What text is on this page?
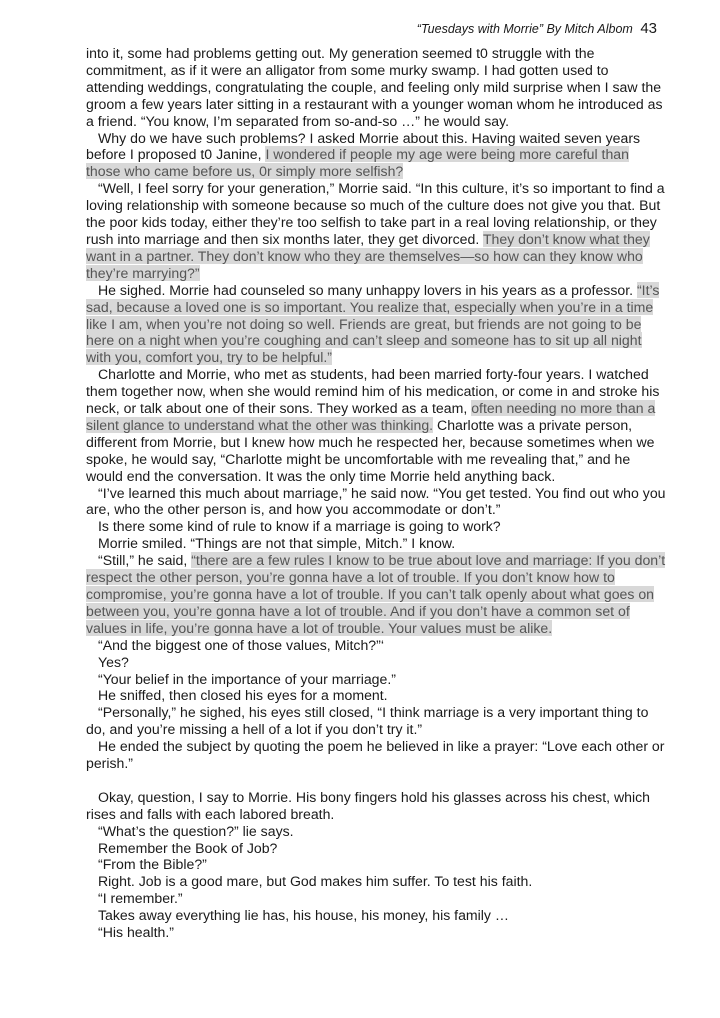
“Tuesdays with Morrie” By Mitch Albom 43

into it, some had problems getting out. My generation seemed t0 struggle with the commitment, as if it were an alligator from some murky swamp. I had gotten used to attending weddings, congratulating the couple, and feeling only mild surprise when I saw the groom a few years later sitting in a restaurant with a younger woman whom he introduced as a friend. “You know, I’m separated from so-and-so …” he would say.

Why do we have such problems? I asked Morrie about this. Having waited seven years before I proposed t0 Janine, I wondered if people my age were being more careful than those who came before us, 0r simply more selfish?

“Well, I feel sorry for your generation,” Morrie said. “In this culture, it’s so important to find a loving relationship with someone because so much of the culture does not give you that. But the poor kids today, either they’re too selfish to take part in a real loving relationship, or they rush into marriage and then six months later, they get divorced. They don’t know what they want in a partner. They don’t know who they are themselves—so how can they know who they’re marrying?”

He sighed. Morrie had counseled so many unhappy lovers in his years as a professor. “It’s sad, because a loved one is so important. You realize that, especially when you’re in a time like I am, when you’re not doing so well. Friends are great, but friends are not going to be here on a night when you’re coughing and can’t sleep and someone has to sit up all night with you, comfort you, try to be helpful.”

Charlotte and Morrie, who met as students, had been married forty-four years. I watched them together now, when she would remind him of his medication, or come in and stroke his neck, or talk about one of their sons. They worked as a team, often needing no more than a silent glance to understand what the other was thinking. Charlotte was a private person, different from Morrie, but I knew how much he respected her, because sometimes when we spoke, he would say, “Charlotte might be uncomfortable with me revealing that,” and he would end the conversation. It was the only time Morrie held anything back.

“I’ve learned this much about marriage,” he said now. “You get tested. You find out who you are, who the other person is, and how you accommodate or don’t.”

Is there some kind of rule to know if a marriage is going to work?

Morrie smiled. “Things are not that simple, Mitch.” I know.

“Still,” he said, “there are a few rules I know to be true about love and marriage: If you don’t respect the other person, you’re gonna have a lot of trouble. If you don’t know how to compromise, you’re gonna have a lot of trouble. If you can’t talk openly about what goes on between you, you’re gonna have a lot of trouble. And if you don’t have a common set of values in life, you’re gonna have a lot of trouble. Your values must be alike.

“And the biggest one of those values, Mitch?”‘

Yes?

“Your belief in the importance of your marriage.”

He sniffed, then closed his eyes for a moment.

“Personally,” he sighed, his eyes still closed, “I think marriage is a very important thing to do, and you’re missing a hell of a lot if you don’t try it.”

He ended the subject by quoting the poem he believed in like a prayer: “Love each other or perish.”

Okay, question, I say to Morrie. His bony fingers hold his glasses across his chest, which rises and falls with each labored breath.

“What’s the question?” lie says.

Remember the Book of Job?

“From the Bible?”

Right. Job is a good mare, but God makes him suffer. To test his faith.

“I remember.”

Takes away everything lie has, his house, his money, his family …

“His health.”
